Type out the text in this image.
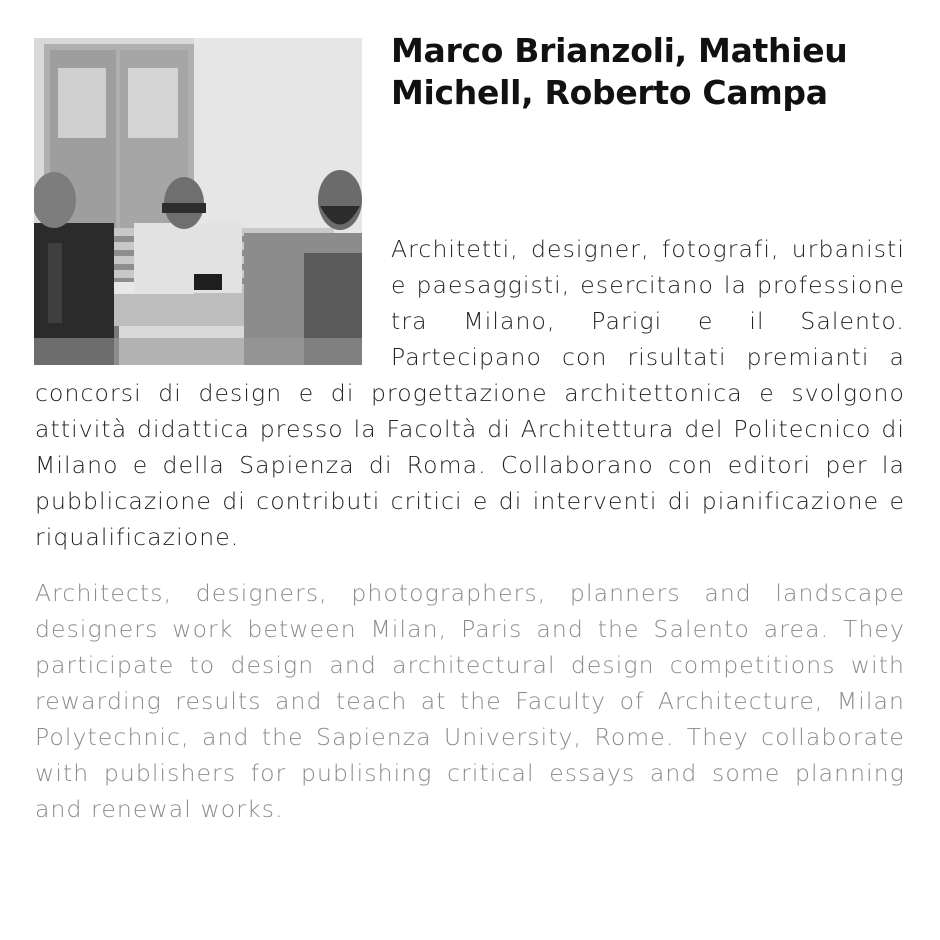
Marco Brianzoli, Mathieu
Michell, Roberto Campa

Architetti, designer, fotografi, urbanisti e paesaggisti, esercitano la professione tra Milano, Parigi e il Salento. Partecipano con risultati premianti a concorsi di design e di progettazione architettonica e svolgono attività didattica presso la Facoltà di Architettura del Politecnico di Milano e della Sapienza di Roma. Collaborano con editori per la pubblicazione di contributi critici e di interventi di pianificazione e riqualificazione.

Architects, designers, photographers, planners and landscape designers work between Milan, Paris and the Salento area. They participate to design and architectural design competitions with rewarding results and teach at the Faculty of Architecture, Milan Polytechnic, and the Sapienza University, Rome. They collaborate with publishers for publishing critical essays and some planning and renewal works.
